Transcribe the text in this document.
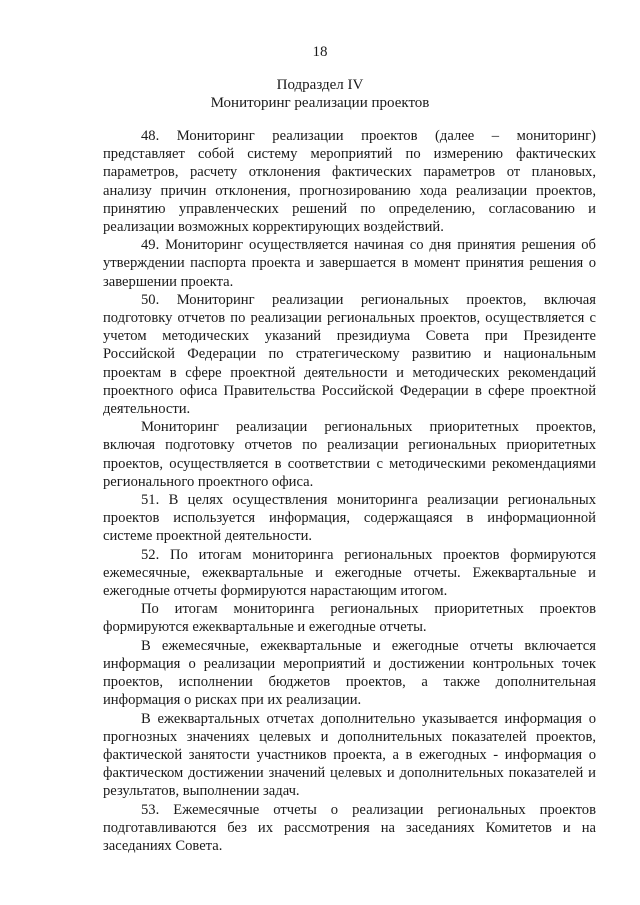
18
Подраздел IV
Мониторинг реализации проектов

48. Мониторинг реализации проектов (далее – мониторинг) представляет собой систему мероприятий по измерению фактических параметров, расчету отклонения фактических параметров от плановых, анализу причин отклонения, прогнозированию хода реализации проектов, принятию управленческих решений по определению, согласованию и реализации возможных корректирующих воздействий.

49. Мониторинг осуществляется начиная со дня принятия решения об утверждении паспорта проекта и завершается в момент принятия решения о завершении проекта.

50. Мониторинг реализации региональных проектов, включая подготовку отчетов по реализации региональных проектов, осуществляется с учетом методических указаний президиума Совета при Президенте Российской Федерации по стратегическому развитию и национальным проектам в сфере проектной деятельности и методических рекомендаций проектного офиса Правительства Российской Федерации в сфере проектной деятельности.

Мониторинг реализации региональных приоритетных проектов, включая подготовку отчетов по реализации региональных приоритетных проектов, осуществляется в соответствии с методическими рекомендациями регионального проектного офиса.

51. В целях осуществления мониторинга реализации региональных проектов используется информация, содержащаяся в информационной системе проектной деятельности.

52. По итогам мониторинга региональных проектов формируются ежемесячные, ежеквартальные и ежегодные отчеты. Ежеквартальные и ежегодные отчеты формируются нарастающим итогом.

По итогам мониторинга региональных приоритетных проектов формируются ежеквартальные и ежегодные отчеты.

В ежемесячные, ежеквартальные и ежегодные отчеты включается информация о реализации мероприятий и достижении контрольных точек проектов, исполнении бюджетов проектов, а также дополнительная информация о рисках при их реализации.

В ежеквартальных отчетах дополнительно указывается информация о прогнозных значениях целевых и дополнительных показателей проектов, фактической занятости участников проекта, а в ежегодных - информация о фактическом достижении значений целевых и дополнительных показателей и результатов, выполнении задач.

53. Ежемесячные отчеты о реализации региональных проектов подготавливаются без их рассмотрения на заседаниях Комитетов и на заседаниях Совета.
